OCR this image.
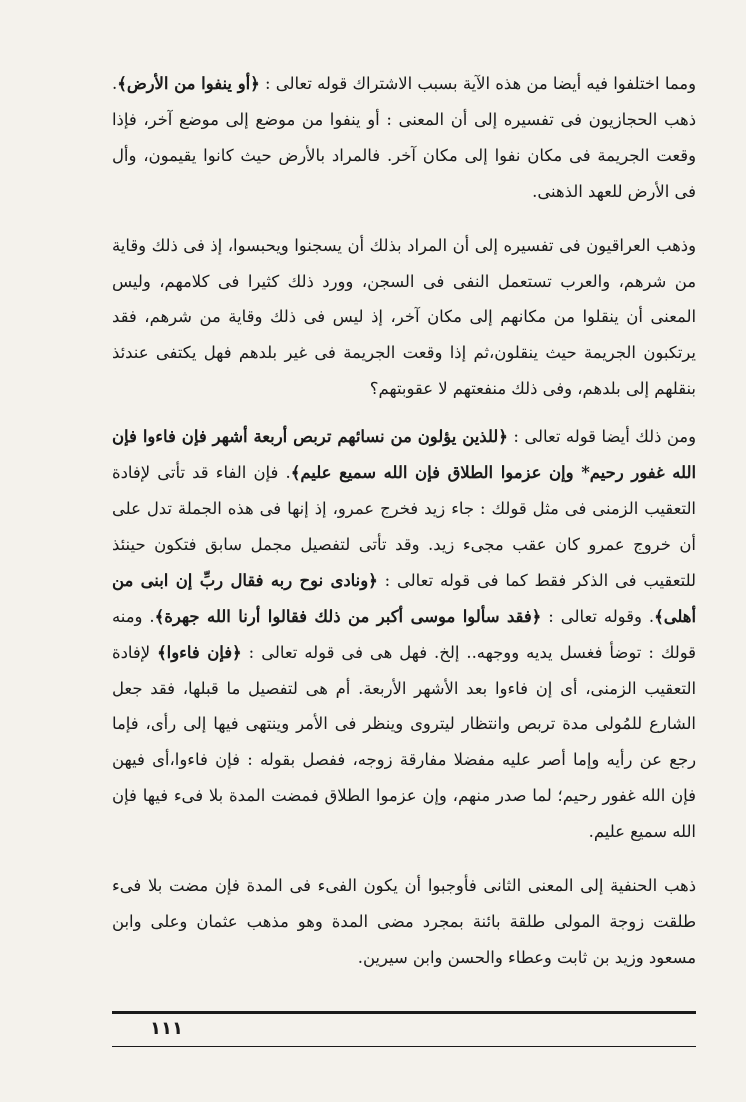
ومما اختلفوا فيه أيضا من هذه الآية بسبب الاشتراك قوله تعالى : ﴿أو ينفوا من الأرض﴾. ذهب الحجازيون فى تفسيره إلى أن المعنى : أو ينفوا من موضع إلى موضع آخر، فإذا وقعت الجريمة فى مكان نفوا إلى مكان آخر. فالمراد بالأرض حيث كانوا يقيمون، وأل فى الأرض للعهد الذهنى.

وذهب العراقيون فى تفسيره إلى أن المراد بذلك أن يسجنوا ويحبسوا، إذ فى ذلك وقاية من شرهم، والعرب تستعمل النفى فى السجن، وورد ذلك كثيرا فى كلامهم، وليس المعنى أن ينقلوا من مكانهم إلى مكان آخر، إذ ليس فى ذلك وقاية من شرهم، فقد يرتكبون الجريمة حيث ينقلون،ثم إذا وقعت الجريمة فى غير بلدهم فهل يكتفى عندئذ بنقلهم إلى بلدهم، وفى ذلك منفعتهم لا عقوبتهم؟

ومن ذلك أيضا قوله تعالى : ﴿للذين يؤلون من نسائهم تربص أربعة أشهر فإن فاءوا فإن الله غفور رحيم* وإن عزموا الطلاق فإن الله سميع عليم﴾. فإن الفاء قد تأتى لإفادة التعقيب الزمنى فى مثل قولك : جاء زيد فخرج عمرو، إذ إنها فى هذه الجملة تدل على أن خروج عمرو كان عقب مجىء زيد. وقد تأتى لتفصيل مجمل سابق فتكون حينئذ للتعقيب فى الذكر فقط كما فى قوله تعالى : ﴿ونادى نوح ربه فقال ربِّ إن ابنى من أهلى﴾. وقوله تعالى : ﴿فقد سألوا موسى أكبر من ذلك فقالوا أرنا الله جهرة﴾. ومنه قولك : توضأ فغسل يديه ووجهه.. إلخ. فهل هى فى قوله تعالى : ﴿فإن فاءوا﴾ لإفادة التعقيب الزمنى، أى إن فاءوا بعد الأشهر الأربعة. أم هى لتفصيل ما قبلها، فقد جعل الشارع للمُولى مدة تربص وانتظار ليتروى وينظر فى الأمر وينتهى فيها إلى رأى، فإما رجع عن رأيه وإما أصر عليه مفضلا مفارقة زوجه، ففصل بقوله : فإن فاءوا،أى فيهن فإن الله غفور رحيم؛ لما صدر منهم، وإن عزموا الطلاق فمضت المدة بلا فىء فيها فإن الله سميع عليم.

ذهب الحنفية إلى المعنى الثانى فأوجبوا أن يكون الفىء فى المدة فإن مضت بلا فىء طلقت زوجة المولى طلقة بائنة بمجرد مضى المدة وهو مذهب عثمان وعلى وابن مسعود وزيد بن ثابت وعطاء والحسن وابن سيرين.

١١١
